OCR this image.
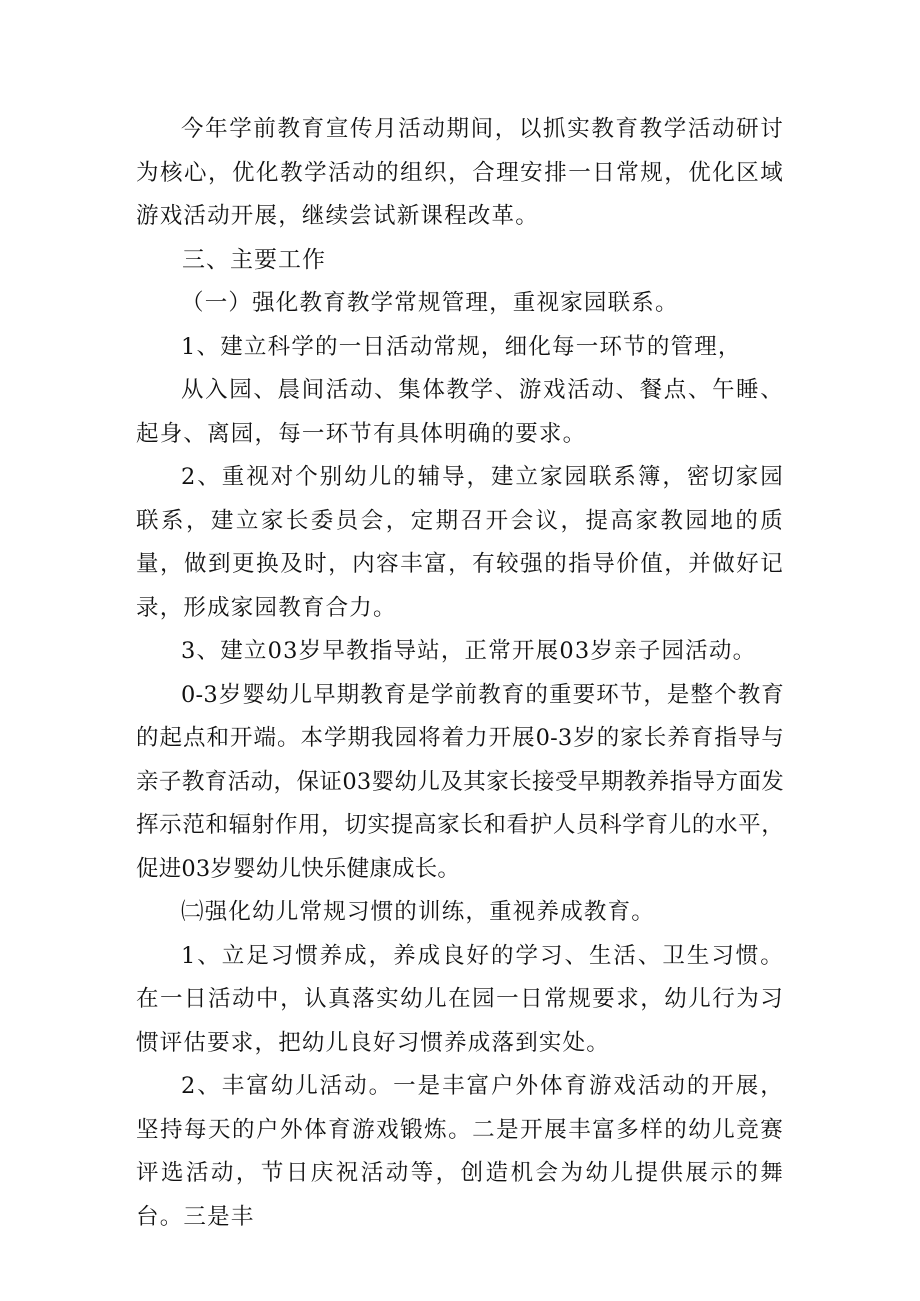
今年学前教育宣传月活动期间，以抓实教育教学活动研讨为核心，优化教学活动的组织，合理安排一日常规，优化区域游戏活动开展，继续尝试新课程改革。

三、主要工作

（一）强化教育教学常规管理，重视家园联系。

1、建立科学的一日活动常规，细化每一环节的管理，

从入园、晨间活动、集体教学、游戏活动、餐点、午睡、起身、离园，每一环节有具体明确的要求。

2、重视对个别幼儿的辅导，建立家园联系簿，密切家园联系，建立家长委员会，定期召开会议，提高家教园地的质量，做到更换及时，内容丰富，有较强的指导价值，并做好记录，形成家园教育合力。

3、建立03岁早教指导站，正常开展03岁亲子园活动。

0-3岁婴幼儿早期教育是学前教育的重要环节，是整个教育的起点和开端。本学期我园将着力开展0-3岁的家长养育指导与亲子教育活动，保证03婴幼儿及其家长接受早期教养指导方面发挥示范和辐射作用，切实提高家长和看护人员科学育儿的水平，促进03岁婴幼儿快乐健康成长。

㈡强化幼儿常规习惯的训练，重视养成教育。

1、立足习惯养成，养成良好的学习、生活、卫生习惯。在一日活动中，认真落实幼儿在园一日常规要求，幼儿行为习惯评估要求，把幼儿良好习惯养成落到实处。

2、丰富幼儿活动。一是丰富户外体育游戏活动的开展，坚持每天的户外体育游戏锻炼。二是开展丰富多样的幼儿竞赛评选活动，节日庆祝活动等，创造机会为幼儿提供展示的舞台。三是丰
